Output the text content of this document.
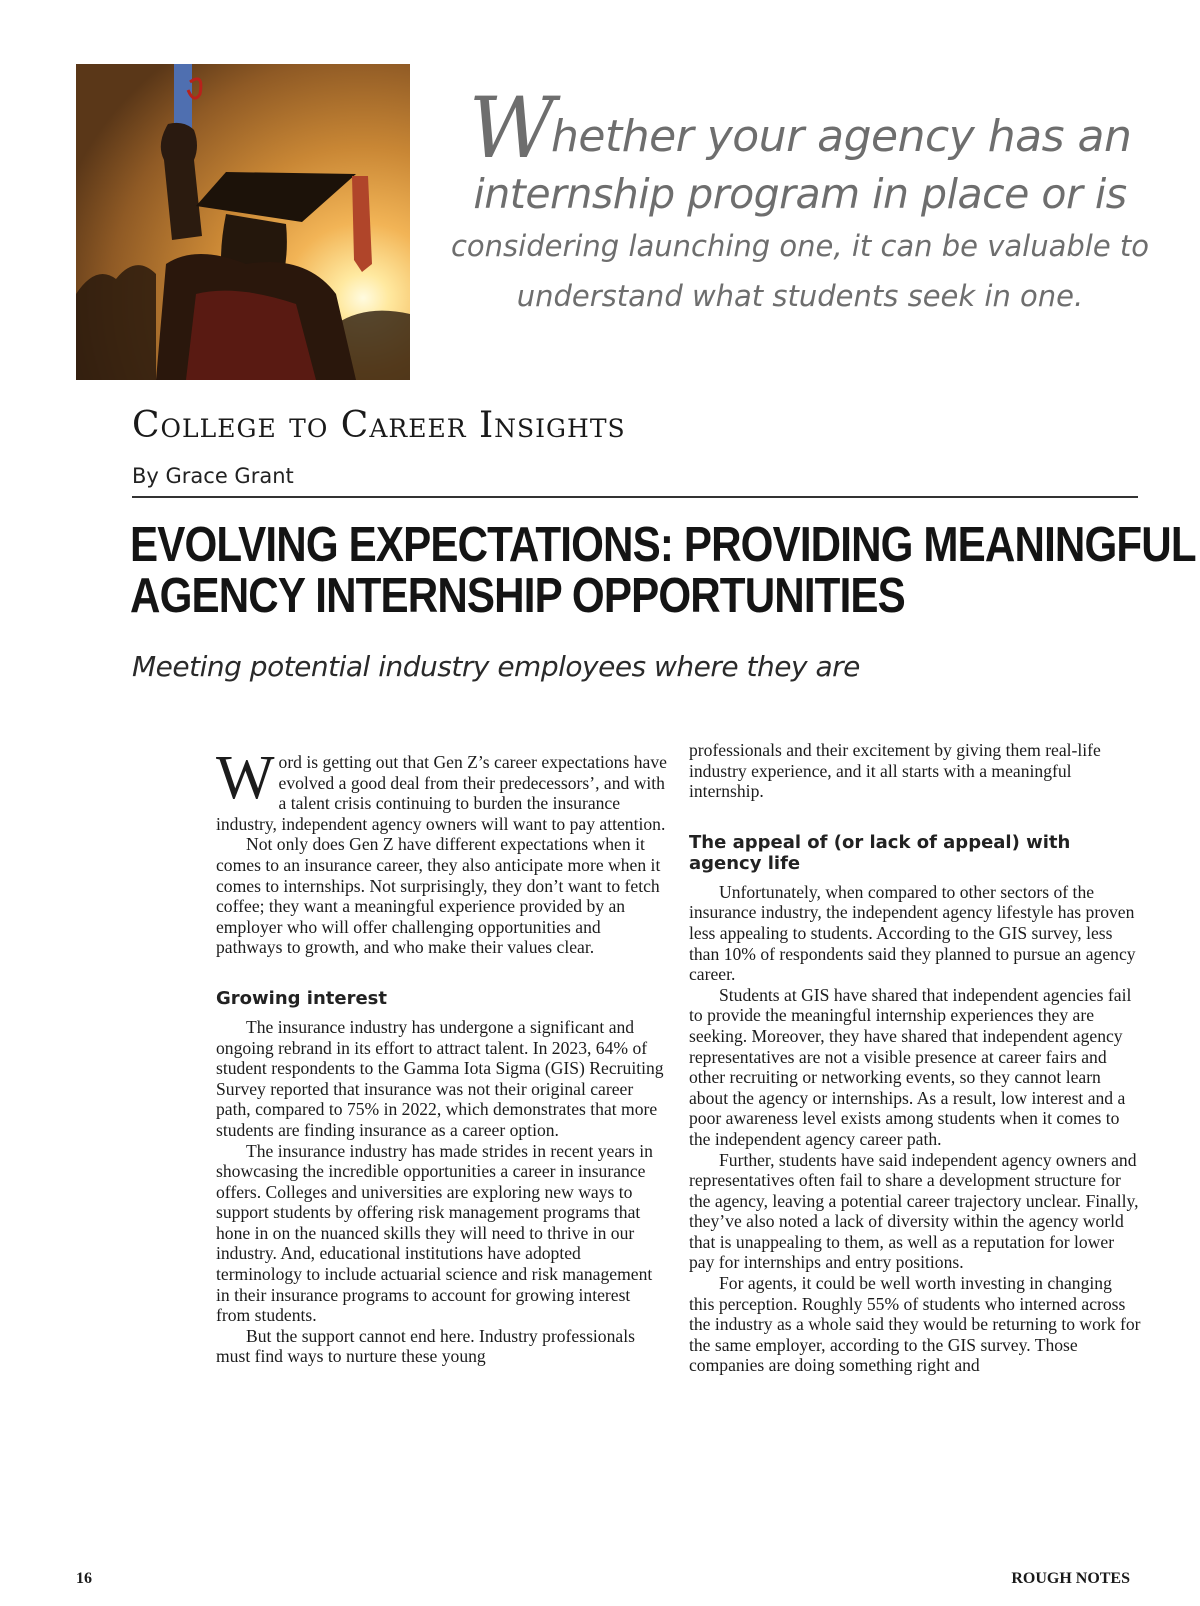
Whether your agency has an
internship program in place or is
considering launching one, it can be valuable to
understand what students seek in one.
College to Career Insights
By Grace Grant
EVOLVING EXPECTATIONS: PROVIDING MEANINGFUL
AGENCY INTERNSHIP OPPORTUNITIES
Meeting potential industry employees where they are

Word is getting out that Gen Z’s career expectations have evolved a good deal from their predecessors’, and with a talent crisis continuing to burden the insurance industry, independent agency owners will want to pay attention.

Not only does Gen Z have different expectations when it comes to an insurance career, they also anticipate more when it comes to internships. Not surprisingly, they don’t want to fetch coffee; they want a meaningful experience provided by an employer who will offer challenging opportunities and pathways to growth, and who make their values clear.

Growing interest

The insurance industry has undergone a significant and ongoing rebrand in its effort to attract talent. In 2023, 64% of student respondents to the Gamma Iota Sigma (GIS) Recruiting Survey reported that insurance was not their original career path, compared to 75% in 2022, which demonstrates that more students are finding insurance as a career option.

The insurance industry has made strides in recent years in showcasing the incredible opportunities a career in insurance offers. Colleges and universities are exploring new ways to support students by offering risk management programs that hone in on the nuanced skills they will need to thrive in our industry. And, educational institutions have adopted terminology to include actuarial science and risk management in their insurance programs to account for growing interest from students.

But the support cannot end here. Industry professionals must find ways to nurture these young

professionals and their excitement by giving them real-life industry experience, and it all starts with a meaningful internship.

The appeal of (or lack of appeal) with agency life

Unfortunately, when compared to other sectors of the insurance industry, the independent agency lifestyle has proven less appealing to students. According to the GIS survey, less than 10% of respondents said they planned to pursue an agency career.

Students at GIS have shared that independent agencies fail to provide the meaningful internship experiences they are seeking. Moreover, they have shared that independent agency representatives are not a visible presence at career fairs and other recruiting or networking events, so they cannot learn about the agency or internships. As a result, low interest and a poor awareness level exists among students when it comes to the independent agency career path.

Further, students have said independent agency owners and representatives often fail to share a development structure for the agency, leaving a potential career trajectory unclear. Finally, they’ve also noted a lack of diversity within the agency world that is unappealing to them, as well as a reputation for lower pay for internships and entry positions.

For agents, it could be well worth investing in changing this perception. Roughly 55% of students who interned across the industry as a whole said they would be returning to work for the same employer, according to the GIS survey. Those companies are doing something right and

16	ROUGH NOTES
